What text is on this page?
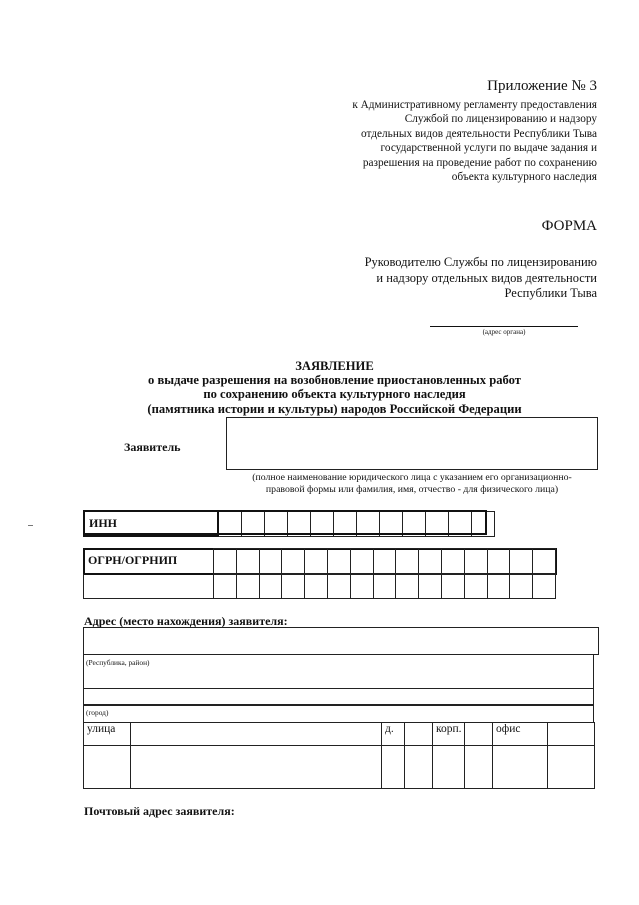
Приложение № 3
к Административному регламенту предоставления
Службой по лицензированию и надзору
отдельных видов деятельности Республики Тыва
государственной услуги по выдаче задания и
разрешения на проведение работ по сохранению
объекта культурного наследия
ФОРМА
Руководителю Службы по лицензированию
и надзору отдельных видов деятельности
Республики Тыва
(адрес органа)
ЗАЯВЛЕНИЕ
о выдаче разрешения на возобновление приостановленных работ
по сохранению объекта культурного наследия
(памятника истории и культуры) народов Российской Федерации
Заявитель
(полное наименование юридического лица с указанием его организационно-
правовой формы или фамилия, имя, отчество - для физического лица)
ИНН												
ОГРН/ОГРНИП

Адрес (место нахождения) заявителя:
(Республика, район)
(город)
улица		д.		корп.		офис	

Почтовый адрес заявителя:
